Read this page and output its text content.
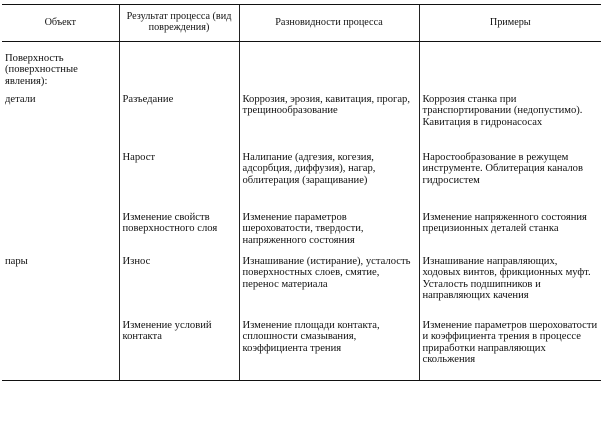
Объект	Результат процесса (вид повреждения)	Разновидности процесса	Примеры
Поверхность (поверхностные явления):			
детали	Разъедание	Коррозия, эрозия, кавитация, прогар, трещинообразование	Коррозия станка при транспортировании (недопустимо). Кавитация в гидронасосах
	Нарост	Налипание (адгезия, когезия, адсорбция, диффузия), нагар, облитерация (заращивание)	Наростообразование в режущем инструменте. Облитерация каналов гидросистем
	Изменение свойств поверхностного слоя	Изменение параметров шероховатости, твердости, напряженного состояния	Изменение напряженного состояния прецизионных деталей станка
пары	Износ	Изнашивание (истирание), усталость поверхностных слоев, смятие, перенос материала	Изнашивание направляющих, ходовых винтов, фрикционных муфт. Усталость подшипников и направляющих качения
	Изменение условий контакта	Изменение площади контакта, сплошности смазывания, коэффициента трения	Изменение параметров шероховатости и коэффициента трения в процессе приработки направляющих скольжения
